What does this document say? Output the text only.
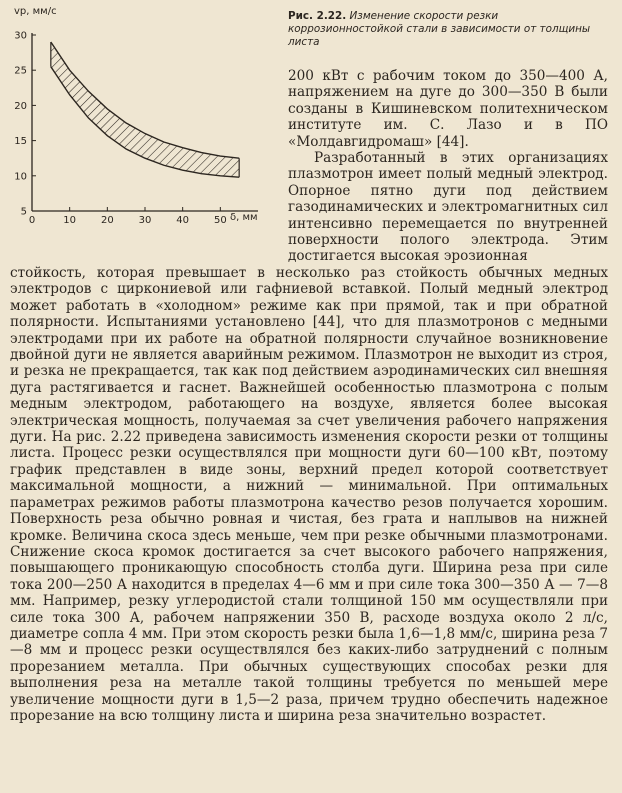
0	10 20 30 40 50
5
10
15
20
25
30
vр, мм/с
δ, мм
Рис. 2.22. Изменение скорости резки коррозионностойкой стали в зависимости от толщины листа

200 кВт с рабочим током до 350—400 А, напряжением на дуге до 300—350 В были созданы в Кишиневском политехническом институте им. С. Лазо и в ПО «Молдавгидромаш» [44].

Разработанный в этих организациях плазмотрон имеет полый медный электрод. Опорное пятно дуги под действием газодинамических и электромагнитных сил интенсивно перемещается по внутренней поверхности полого электрода. Этим достигается высокая эрозионная

стойкость, которая превышает в несколько раз стойкость обычных медных электродов с циркониевой или гафниевой вставкой. Полый медный электрод может работать в «холодном» режиме как при прямой, так и при обратной полярности. Испытаниями установлено [44], что для плазмотронов с медными электродами при их работе на обратной полярности случайное возникновение двойной дуги не является аварийным режимом. Плазмотрон не выходит из строя, и резка не прекращается, так как под действием аэродинамических сил внешняя дуга растягивается и гаснет. Важнейшей особенностью плазмотрона с полым медным электродом, работающего на воздухе, является более высокая электрическая мощность, получаемая за счет увеличения рабочего напряжения дуги. На рис. 2.22 приведена зависимость изменения скорости резки от толщины листа. Процесс резки осуществлялся при мощности дуги 60—100 кВт, поэтому график представлен в виде зоны, верхний предел которой соответствует максимальной мощности, а нижний — минимальной. При оптимальных параметрах режимов работы плазмотрона качество резов получается хорошим. Поверхность реза обычно ровная и чистая, без грата и наплывов на нижней кромке. Величина скоса здесь меньше, чем при резке обычными плазмотронами. Снижение скоса кромок достигается за счет высокого рабочего напряжения, повышающего проникающую способность столба дуги. Ширина реза при силе тока 200—250 А находится в пределах 4—6 мм и при силе тока 300—350 А — 7—8 мм. Например, резку углеродистой стали толщиной 150 мм осуществляли при силе тока 300 А, рабочем напряжении 350 В, расходе воздуха около 2 л/с, диаметре сопла 4 мм. При этом скорость резки была 1,6—1,8 мм/с, ширина реза 7—8 мм и процесс резки осуществлялся без каких-либо затруднений с полным прорезанием металла. При обычных существующих способах резки для выполнения реза на металле такой толщины требуется по меньшей мере увеличение мощности дуги в 1,5—2 раза, причем трудно обеспечить надежное прорезание на всю толщину листа и ширина реза значительно возрастет.
